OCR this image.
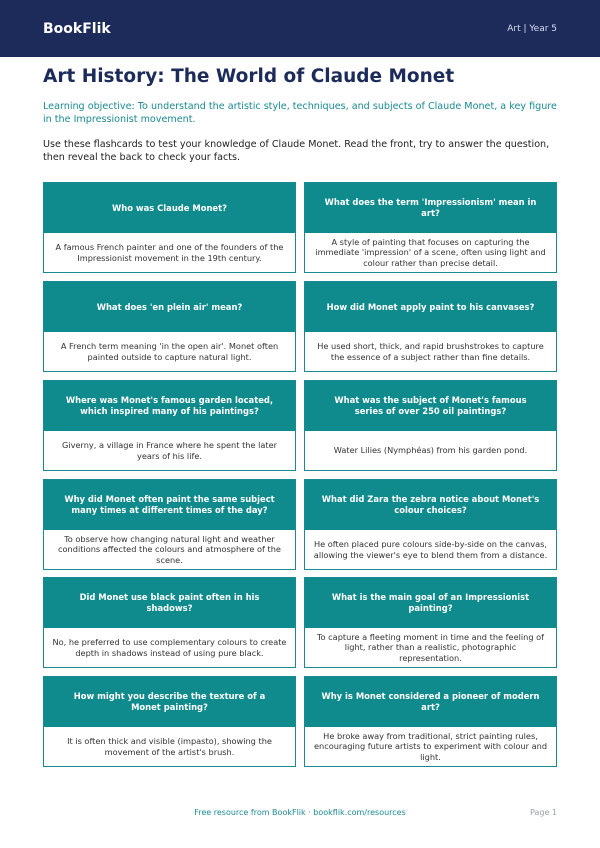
BookFlik	Art | Year 5
Art History: The World of Claude Monet

Learning objective: To understand the artistic style, techniques, and subjects of Claude Monet, a key figure in the Impressionist movement.

Use these flashcards to test your knowledge of Claude Monet. Read the front, try to answer the question, then reveal the back to check your facts.

Who was Claude Monet?
A famous French painter and one of the founders of the Impressionist movement in the 19th century.
What does the term 'Impressionism' mean in art?
A style of painting that focuses on capturing the immediate 'impression' of a scene, often using light and colour rather than precise detail.
What does 'en plein air' mean?
A French term meaning 'in the open air'. Monet often painted outside to capture natural light.
How did Monet apply paint to his canvases?
He used short, thick, and rapid brushstrokes to capture the essence of a subject rather than fine details.
Where was Monet's famous garden located, which inspired many of his paintings?
Giverny, a village in France where he spent the later years of his life.
What was the subject of Monet's famous series of over 250 oil paintings?
Water Lilies (Nymphéas) from his garden pond.
Why did Monet often paint the same subject many times at different times of the day?
To observe how changing natural light and weather conditions affected the colours and atmosphere of the scene.
What did Zara the zebra notice about Monet's colour choices?
He often placed pure colours side-by-side on the canvas, allowing the viewer's eye to blend them from a distance.
Did Monet use black paint often in his shadows?
No, he preferred to use complementary colours to create depth in shadows instead of using pure black.
What is the main goal of an Impressionist painting?
To capture a fleeting moment in time and the feeling of light, rather than a realistic, photographic representation.
How might you describe the texture of a Monet painting?
It is often thick and visible (impasto), showing the movement of the artist's brush.
Why is Monet considered a pioneer of modern art?
He broke away from traditional, strict painting rules, encouraging future artists to experiment with colour and light.
Free resource from BookFlik · bookflik.com/resources	Page 1
